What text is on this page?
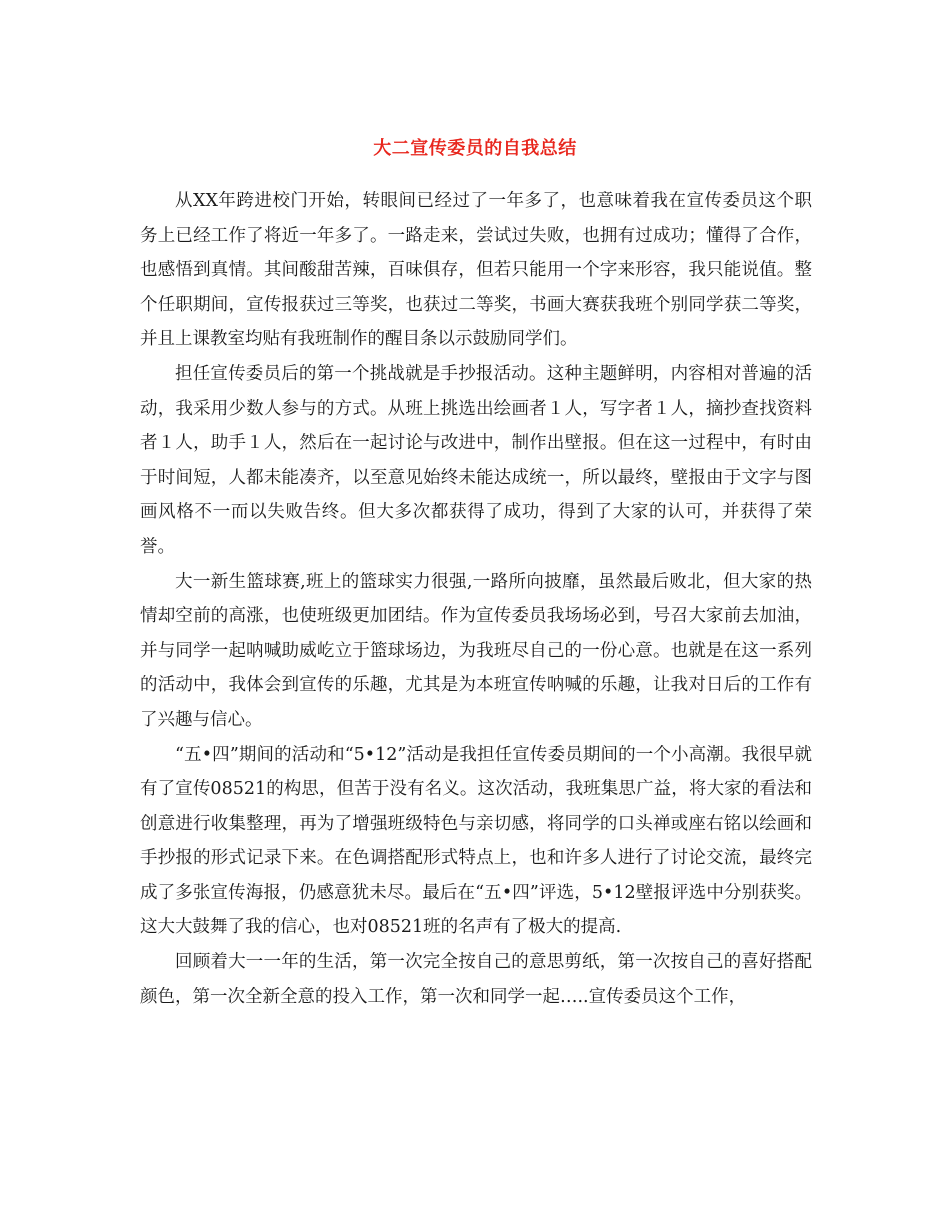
大二宣传委员的自我总结

从XX年跨进校门开始，转眼间已经过了一年多了，也意味着我在宣传委员这个职务上已经工作了将近一年多了。一路走来，尝试过失败，也拥有过成功；懂得了合作，也感悟到真情。其间酸甜苦辣，百味俱存，但若只能用一个字来形容，我只能说值。整个任职期间，宣传报获过三等奖，也获过二等奖，书画大赛获我班个别同学获二等奖，并且上课教室均贴有我班制作的醒目条以示鼓励同学们。

担任宣传委员后的第一个挑战就是手抄报活动。这种主题鲜明，内容相对普遍的活动，我采用少数人参与的方式。从班上挑选出绘画者１人，写字者１人，摘抄查找资料者１人，助手１人，然后在一起讨论与改进中，制作出壁报。但在这一过程中，有时由于时间短，人都未能凑齐，以至意见始终未能达成统一，所以最终，壁报由于文字与图画风格不一而以失败告终。但大多次都获得了成功，得到了大家的认可，并获得了荣誉。

大一新生篮球赛,班上的篮球实力很强,一路所向披靡，虽然最后败北，但大家的热情却空前的高涨，也使班级更加团结。作为宣传委员我场场必到，号召大家前去加油，并与同学一起呐喊助威屹立于篮球场边，为我班尽自己的一份心意。也就是在这一系列的活动中，我体会到宣传的乐趣，尤其是为本班宣传呐喊的乐趣，让我对日后的工作有了兴趣与信心。

“五•四”期间的活动和“5•12”活动是我担任宣传委员期间的一个小高潮。我很早就有了宣传08521的构思，但苦于没有名义。这次活动，我班集思广益，将大家的看法和创意进行收集整理，再为了增强班级特色与亲切感，将同学的口头禅或座右铭以绘画和手抄报的形式记录下来。在色调搭配形式特点上，也和许多人进行了讨论交流，最终完成了多张宣传海报，仍感意犹未尽。最后在“五•四”评选，5•12壁报评选中分别获奖。这大大鼓舞了我的信心，也对08521班的名声有了极大的提高.

回顾着大一一年的生活，第一次完全按自己的意思剪纸，第一次按自己的喜好搭配颜色，第一次全新全意的投入工作，第一次和同学一起…..宣传委员这个工作，
